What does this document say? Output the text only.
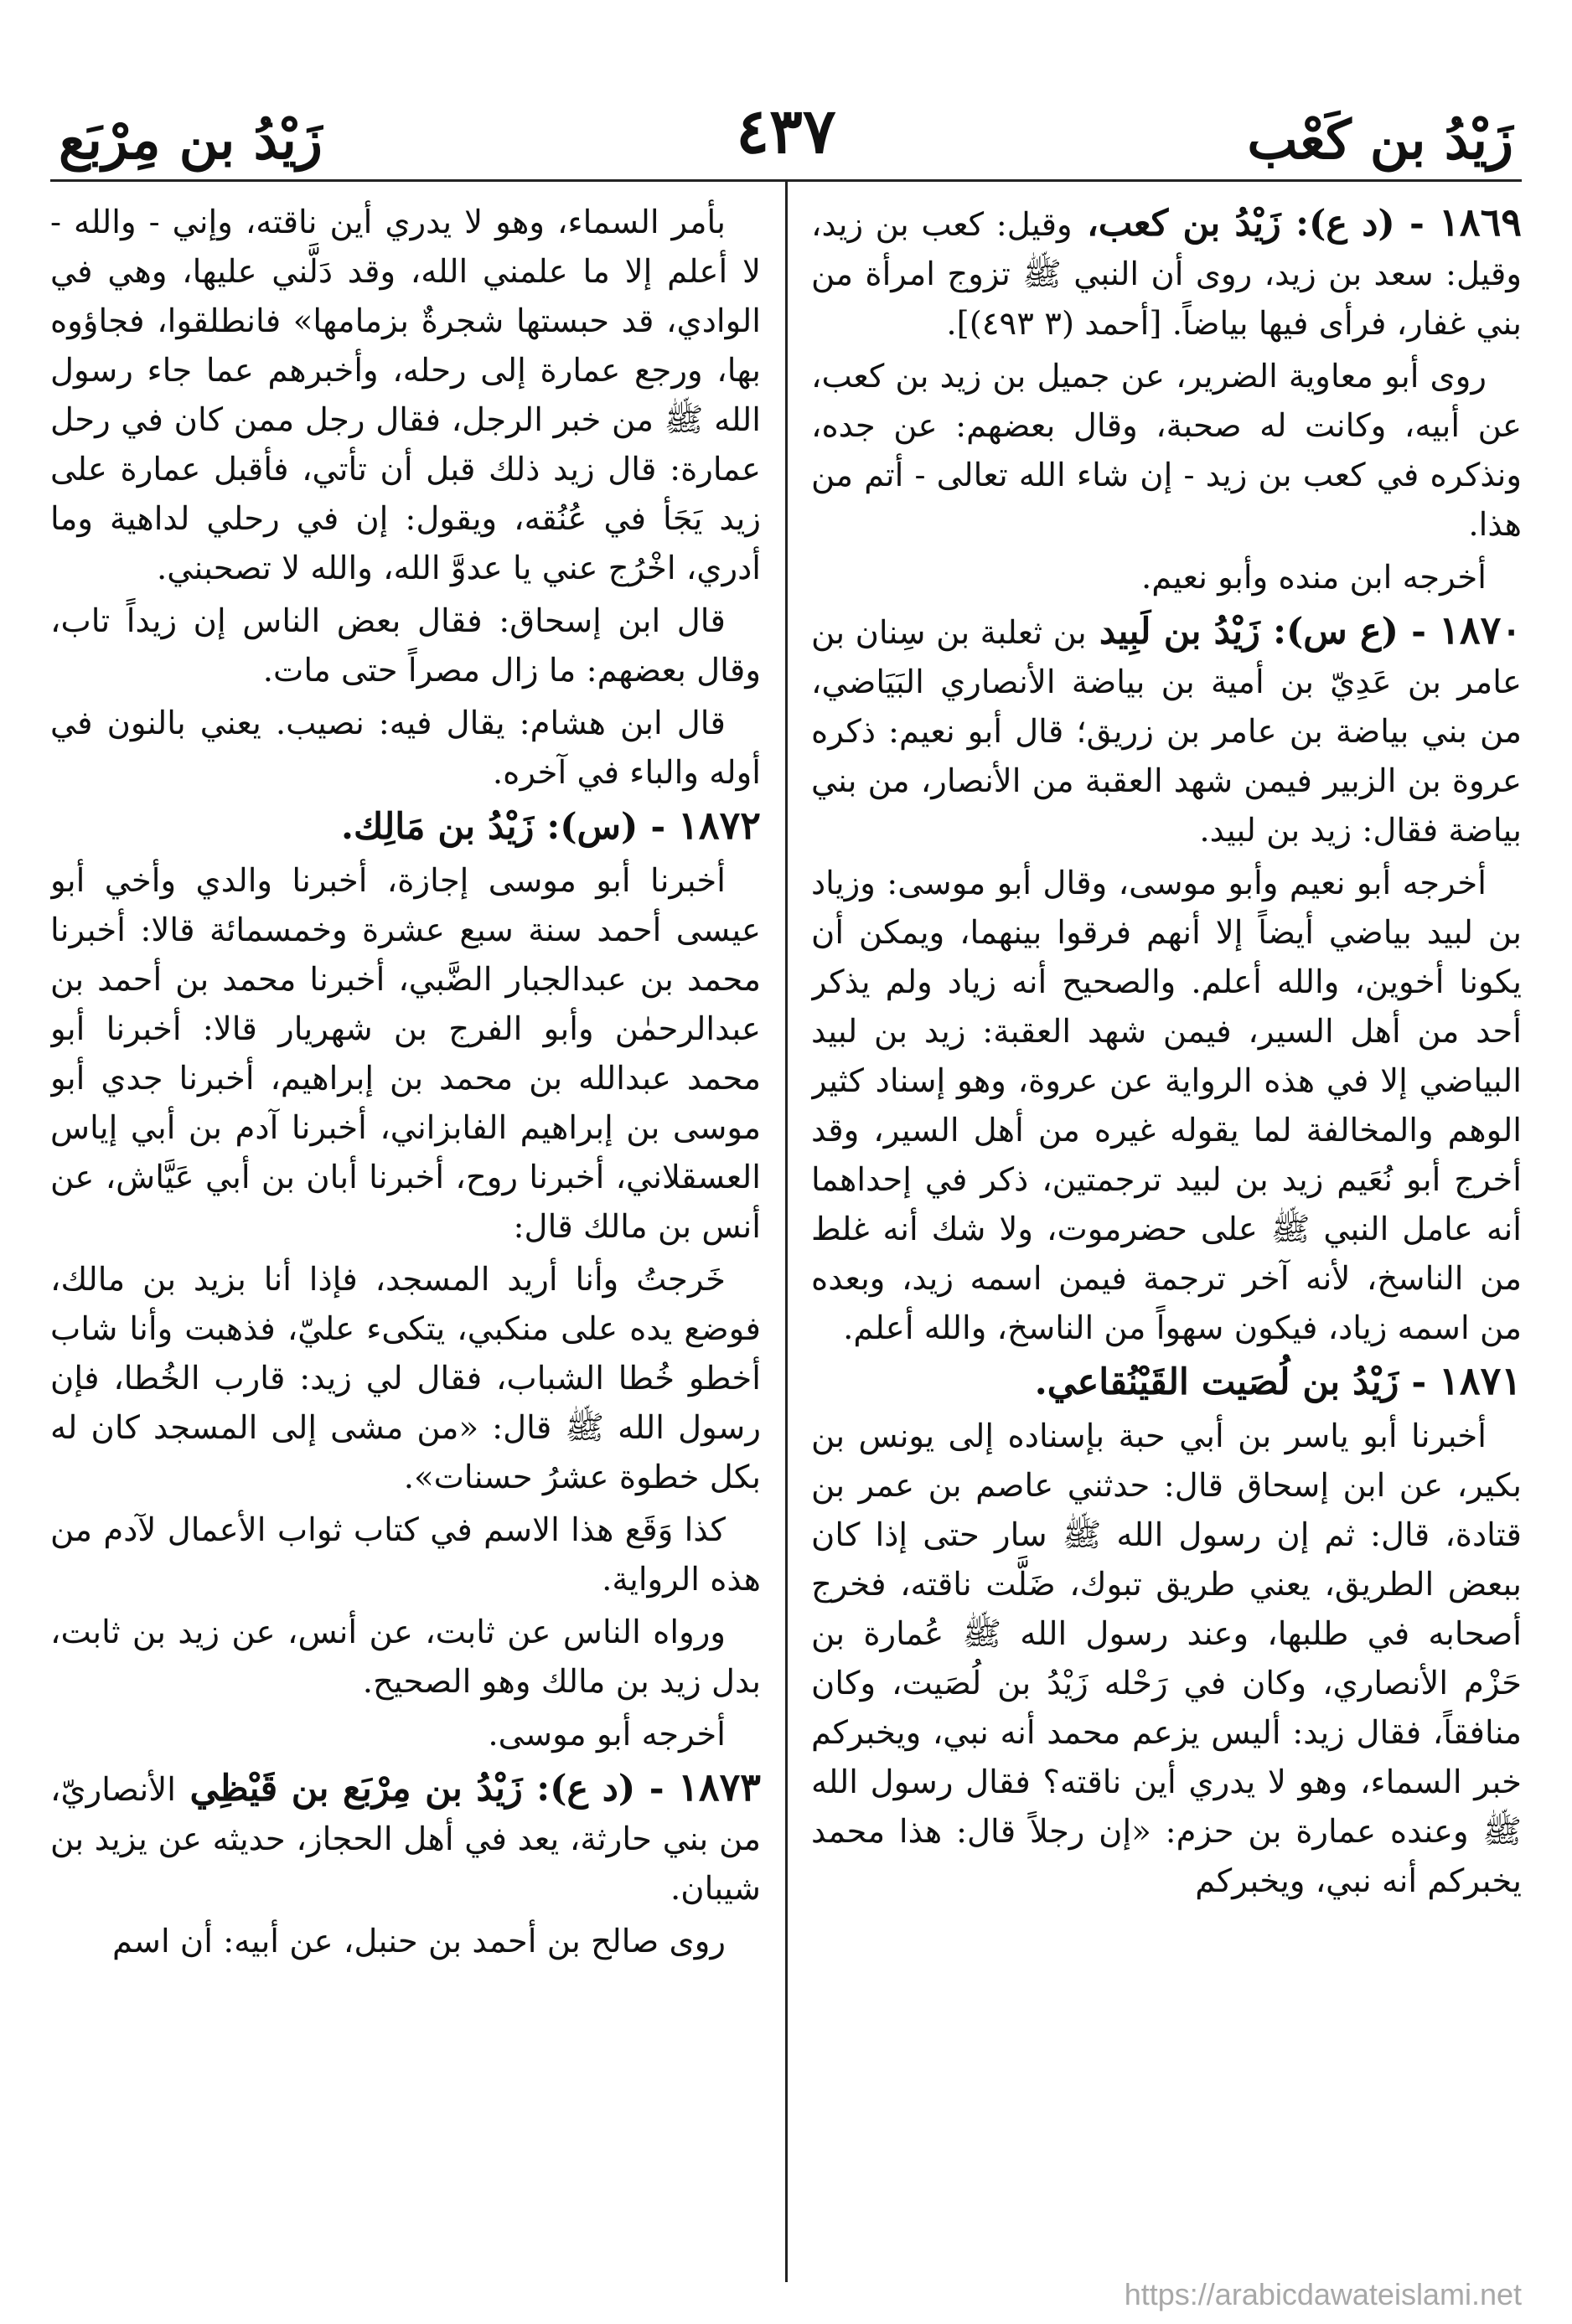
زَيْدُ بن كَعْب
٤٣٧
زَيْدُ بن مِرْبَع

١٨٦٩ - (د ع): زَيْدُ بن كعب، وقيل: كعب بن زيد، وقيل: سعد بن زيد، روى أن النبي ﷺ تزوج امرأة من بني غفار، فرأى فيها بياضاً. [أحمد (٣ ٤٩٣)].

روى أبو معاوية الضرير، عن جميل بن زيد بن كعب، عن أبيه، وكانت له صحبة، وقال بعضهم: عن جده، ونذكره في كعب بن زيد - إن شاء الله تعالى - أتم من هذا.

أخرجه ابن منده وأبو نعيم.

١٨٧٠ - (ع س): زَيْدُ بن لَبِيد بن ثعلبة بن سِنان بن عامر بن عَدِيّ بن أمية بن بياضة الأنصاري البَيَاضي، من بني بياضة بن عامر بن زريق؛ قال أبو نعيم: ذكره عروة بن الزبير فيمن شهد العقبة من الأنصار، من بني بياضة فقال: زيد بن لبيد.

أخرجه أبو نعيم وأبو موسى، وقال أبو موسى: وزياد بن لبيد بياضي أيضاً إلا أنهم فرقوا بينهما، ويمكن أن يكونا أخوين، والله أعلم. والصحيح أنه زياد ولم يذكر أحد من أهل السير، فيمن شهد العقبة: زيد بن لبيد البياضي إلا في هذه الرواية عن عروة، وهو إسناد كثير الوهم والمخالفة لما يقوله غيره من أهل السير، وقد أخرج أبو نُعَيم زيد بن لبيد ترجمتين، ذكر في إحداهما أنه عامل النبي ﷺ على حضرموت، ولا شك أنه غلط من الناسخ، لأنه آخر ترجمة فيمن اسمه زيد، وبعده من اسمه زياد، فيكون سهواً من الناسخ، والله أعلم.

١٨٧١ - زَيْدُ بن لُصَيت القَيْنُقاعي.

أخبرنا أبو ياسر بن أبي حبة بإسناده إلى يونس بن بكير، عن ابن إسحاق قال: حدثني عاصم بن عمر بن قتادة، قال: ثم إن رسول الله ﷺ سار حتى إذا كان ببعض الطريق، يعني طريق تبوك، ضَلَّت ناقته، فخرج أصحابه في طلبها، وعند رسول الله ﷺ عُمارة بن حَزْم الأنصاري، وكان في رَحْله زَيْدُ بن لُصَيت، وكان منافقاً، فقال زيد: أليس يزعم محمد أنه نبي، ويخبركم خبر السماء، وهو لا يدري أين ناقته؟ فقال رسول الله ﷺ وعنده عمارة بن حزم: «إن رجلاً قال: هذا محمد يخبركم أنه نبي، ويخبركم

بأمر السماء، وهو لا يدري أين ناقته، وإني - والله - لا أعلم إلا ما علمني الله، وقد دَلَّني عليها، وهي في الوادي، قد حبستها شجرةٌ بزمامها» فانطلقوا، فجاؤوه بها، ورجع عمارة إلى رحله، وأخبرهم عما جاء رسول الله ﷺ من خبر الرجل، فقال رجل ممن كان في رحل عمارة: قال زيد ذلك قبل أن تأتي، فأقبل عمارة على زيد يَجَأ في عُنُقه، ويقول: إن في رحلي لداهية وما أدري، اخْرُج عني يا عدوَّ الله، والله لا تصحبني.

قال ابن إسحاق: فقال بعض الناس إن زيداً تاب، وقال بعضهم: ما زال مصراً حتى مات.

قال ابن هشام: يقال فيه: نصيب. يعني بالنون في أوله والباء في آخره.

١٨٧٢ - (س): زَيْدُ بن مَالِك.

أخبرنا أبو موسى إجازة، أخبرنا والدي وأخي أبو عيسى أحمد سنة سبع عشرة وخمسمائة قالا: أخبرنا محمد بن عبدالجبار الضَّبي، أخبرنا محمد بن أحمد بن عبدالرحمٰن وأبو الفرج بن شهريار قالا: أخبرنا أبو محمد عبدالله بن محمد بن إبراهيم، أخبرنا جدي أبو موسى بن إبراهيم الفابزاني، أخبرنا آدم بن أبي إياس العسقلاني، أخبرنا روح، أخبرنا أبان بن أبي عَيَّاش، عن أنس بن مالك قال:

خَرجتُ وأنا أريد المسجد، فإذا أنا بزيد بن مالك، فوضع يده على منكبي، يتكىء عليّ، فذهبت وأنا شاب أخطو خُطا الشباب، فقال لي زيد: قارب الخُطا، فإن رسول الله ﷺ قال: «من مشى إلى المسجد كان له بكل خطوة عشرُ حسنات».

كذا وَقَع هذا الاسم في كتاب ثواب الأعمال لآدم من هذه الرواية.

ورواه الناس عن ثابت، عن أنس، عن زيد بن ثابت، بدل زيد بن مالك وهو الصحيح.

أخرجه أبو موسى.

١٨٧٣ - (د ع): زَيْدُ بن مِرْبَع بن قَيْظِي الأنصاريّ، من بني حارثة، يعد في أهل الحجاز، حديثه عن يزيد بن شيبان.

روى صالح بن أحمد بن حنبل، عن أبيه: أن اسم

https://arabicdawateislami.net
